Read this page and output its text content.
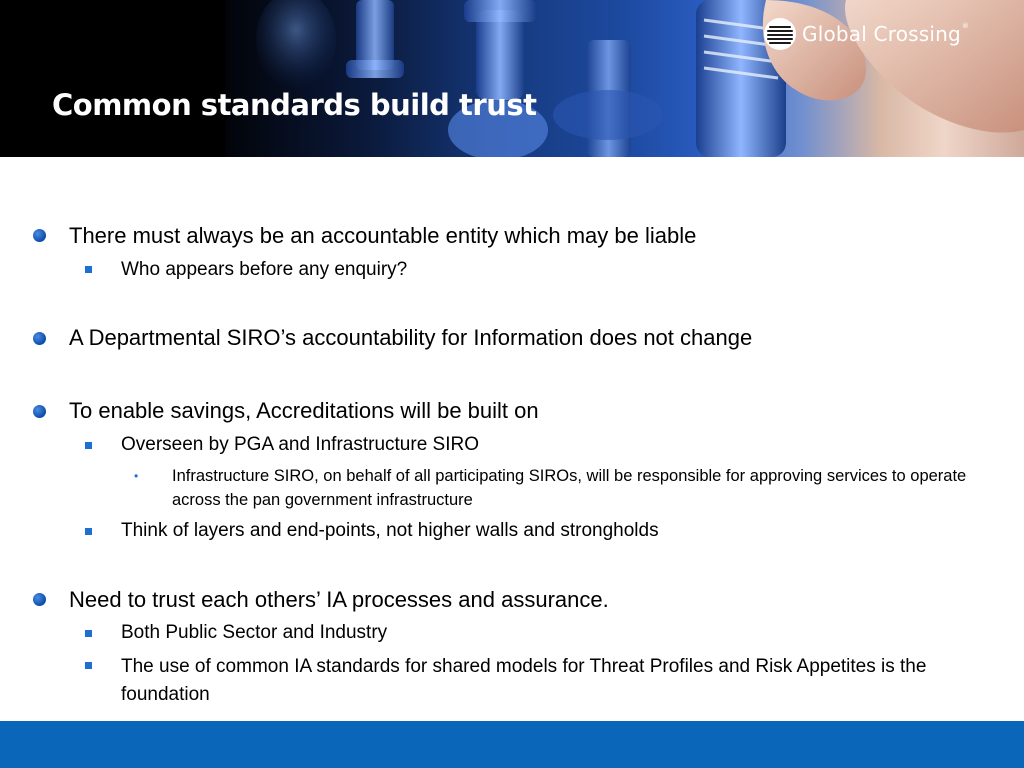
Common standards build trust
Global Crossing®
There must always be an accountable entity which may be liable
Who appears before any enquiry?
A Departmental SIRO’s accountability for Information does not change
To enable savings, Accreditations will be built on
Overseen by PGA and Infrastructure SIRO
• Infrastructure SIRO, on behalf of all participating SIROs, will be responsible for approving services to operate across the pan government infrastructure
Think of layers and end-points, not higher walls and strongholds
Need to trust each others’ IA processes and assurance.
Both Public Sector and Industry
The use of common IA standards for shared models for Threat Profiles and Risk Appetites is the foundation
